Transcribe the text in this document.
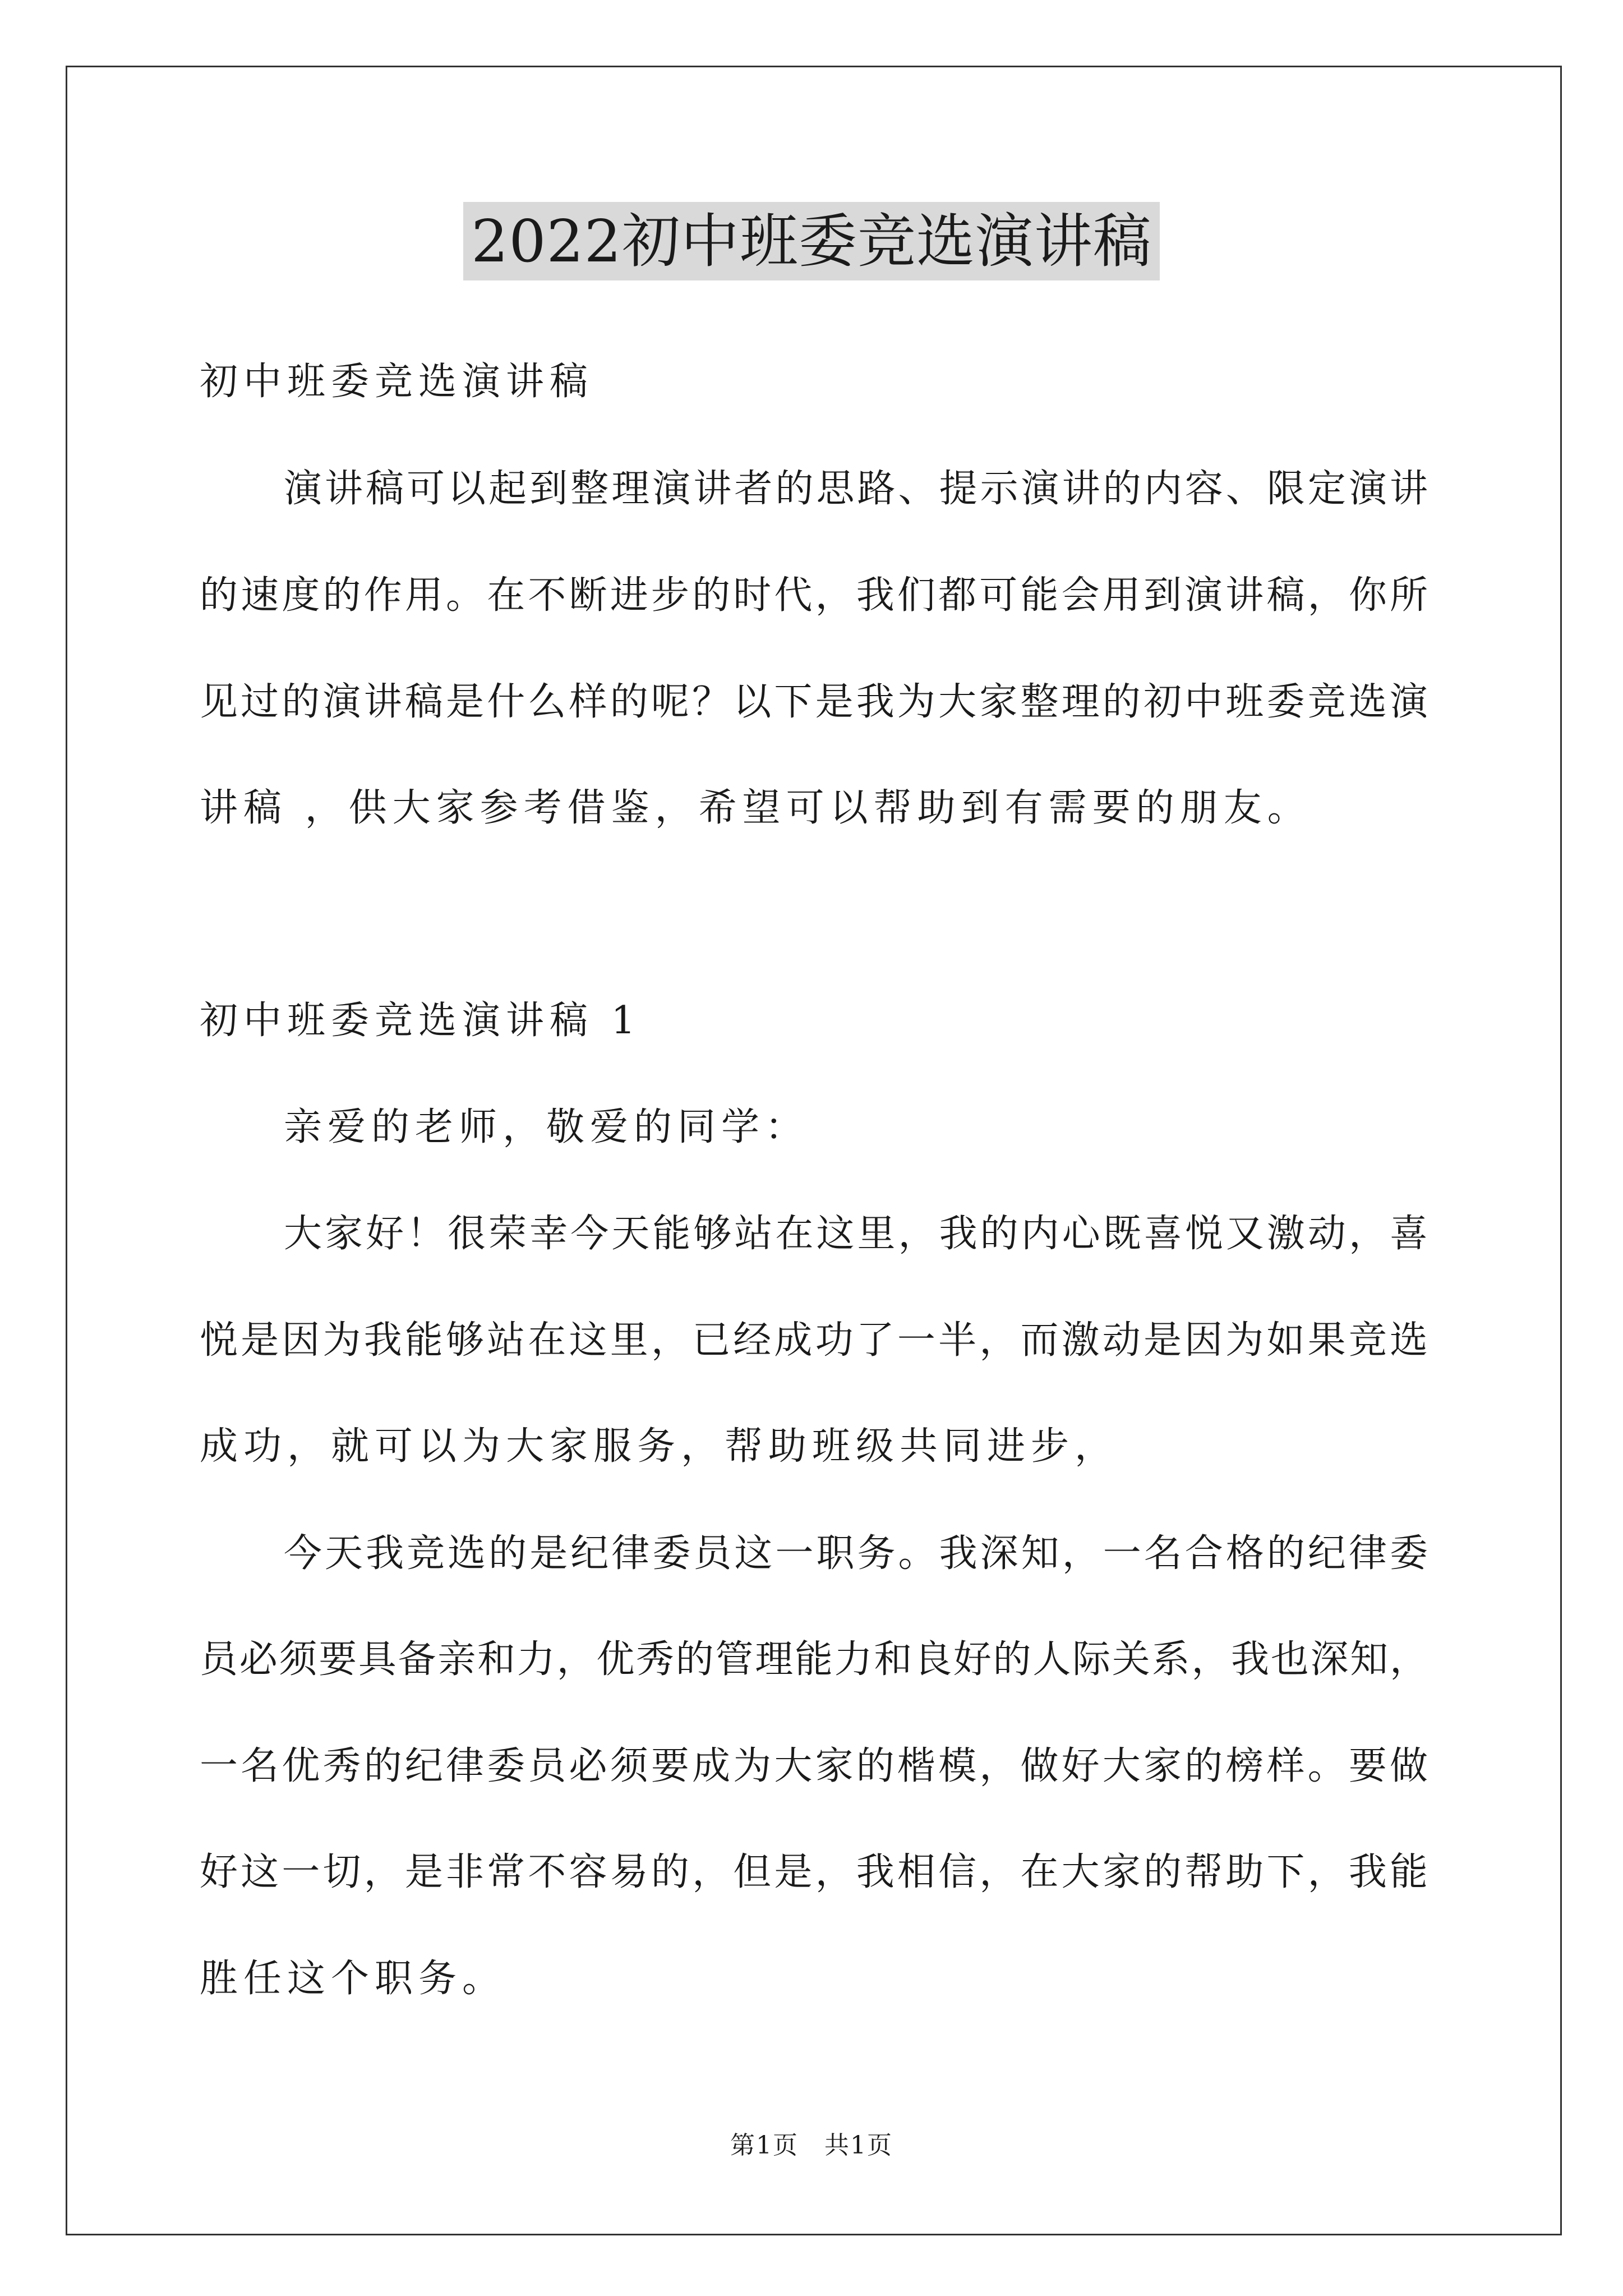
2022初中班委竞选演讲稿
初中班委竞选演讲稿
演讲稿可以起到整理演讲者的思路、提示演讲的内容、限定演讲
的速度的作用。在不断进步的时代，我们都可能会用到演讲稿，你所
见过的演讲稿是什么样的呢？以下是我为大家整理的初中班委竞选演
讲稿 ，供大家参考借鉴，希望可以帮助到有需要的朋友。
初中班委竞选演讲稿 1
亲爱的老师，敬爱的同学：
大家好！很荣幸今天能够站在这里，我的内心既喜悦又激动，喜
悦是因为我能够站在这里，已经成功了一半，而激动是因为如果竞选
成功，就可以为大家服务，帮助班级共同进步，
今天我竞选的是纪律委员这一职务。我深知，一名合格的纪律委
员必须要具备亲和力，优秀的管理能力和良好的人际关系，我也深知，
一名优秀的纪律委员必须要成为大家的楷模，做好大家的榜样。要做
好这一切，是非常不容易的，但是，我相信，在大家的帮助下，我能
胜任这个职务。
第1页　共1页
